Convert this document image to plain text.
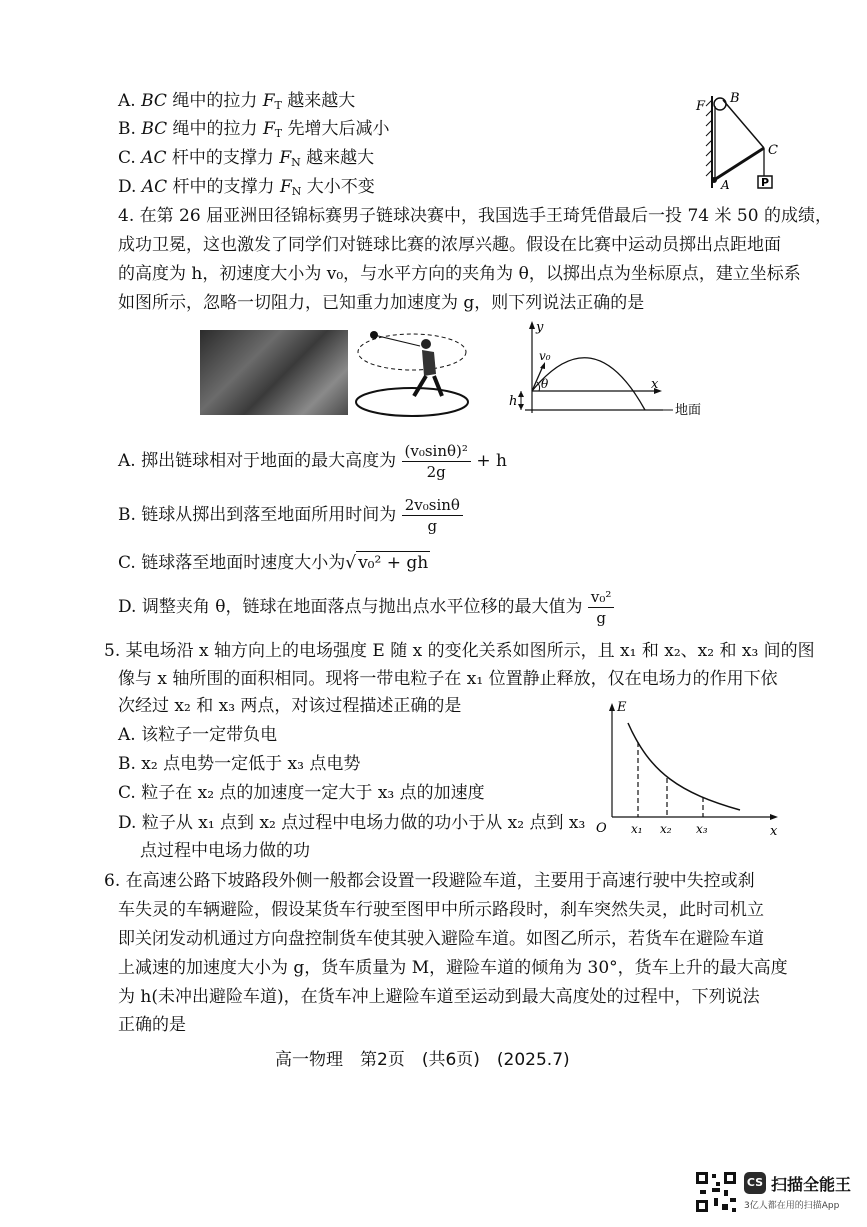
A. BC 绳中的拉力 $F_T$ 越来越大
B. BC 绳中的拉力 $F_T$ 先增大后减小
C. AC 杆中的支撑力 $F_N$ 越来越大
D. AC 杆中的支撑力 $F_N$ 大小不变
F
B
C
A	P
4. 在第 26 届亚洲田径锦标赛男子链球决赛中，我国选手王琦凭借最后一投 74 米 50 的成绩，
成功卫冕，这也激发了同学们对链球比赛的浓厚兴趣。假设在比赛中运动员掷出点距地面
的高度为 h，初速度大小为 v₀，与水平方向的夹角为 θ，以掷出点为坐标原点，建立坐标系
如图所示，忽略一切阻力，已知重力加速度为 g，则下列说法正确的是
y
v₀
θ	x
h
地面
A. 掷出链球相对于地面的最大高度为 $\frac{\text{(v₀sinθ)²}}{2g} + h$
B. 链球从掷出到落至地面所用时间为 $\frac{\text{2v₀sinθ}}{g}$
C. 链球落至地面时速度大小为√ v₀² + gh
D. 调整夹角 θ，链球在地面落点与抛出点水平位移的最大值为 $\frac{\text{v₀²}}{g}$
5. 某电场沿 x 轴方向上的电场强度 E 随 x 的变化关系如图所示，且 x₁ 和 x₂、x₂ 和 x₃ 间的图
像与 x 轴所围的面积相同。现将一带电粒子在 x₁ 位置静止释放，仅在电场力的作用下依
次经过 x₂ 和 x₃ 两点，对该过程描述正确的是
A. 该粒子一定带负电
B. x₂ 点电势一定低于 x₃ 点电势
C. 粒子在 x₂ 点的加速度一定大于 x₃ 点的加速度
D. 粒子从 x₁ 点到 x₂ 点过程中电场力做的功小于从 x₂ 点到 x₃
点过程中电场力做的功
E
O x₁ x₂ x₃	x
6. 在高速公路下坡路段外侧一般都会设置一段避险车道，主要用于高速行驶中失控或刹
车失灵的车辆避险，假设某货车行驶至图甲中所示路段时，刹车突然失灵，此时司机立
即关闭发动机通过方向盘控制货车使其驶入避险车道。如图乙所示，若货车在避险车道
上减速的加速度大小为 g，货车质量为 M，避险车道的倾角为 30°，货车上升的最大高度
为 h(未冲出避险车道)，在货车冲上避险车道至运动到最大高度处的过程中，下列说法
正确的是
高一物理　第2页　(共6页)　(2025.7)
CS 扫描全能王
3亿人都在用的扫描App
